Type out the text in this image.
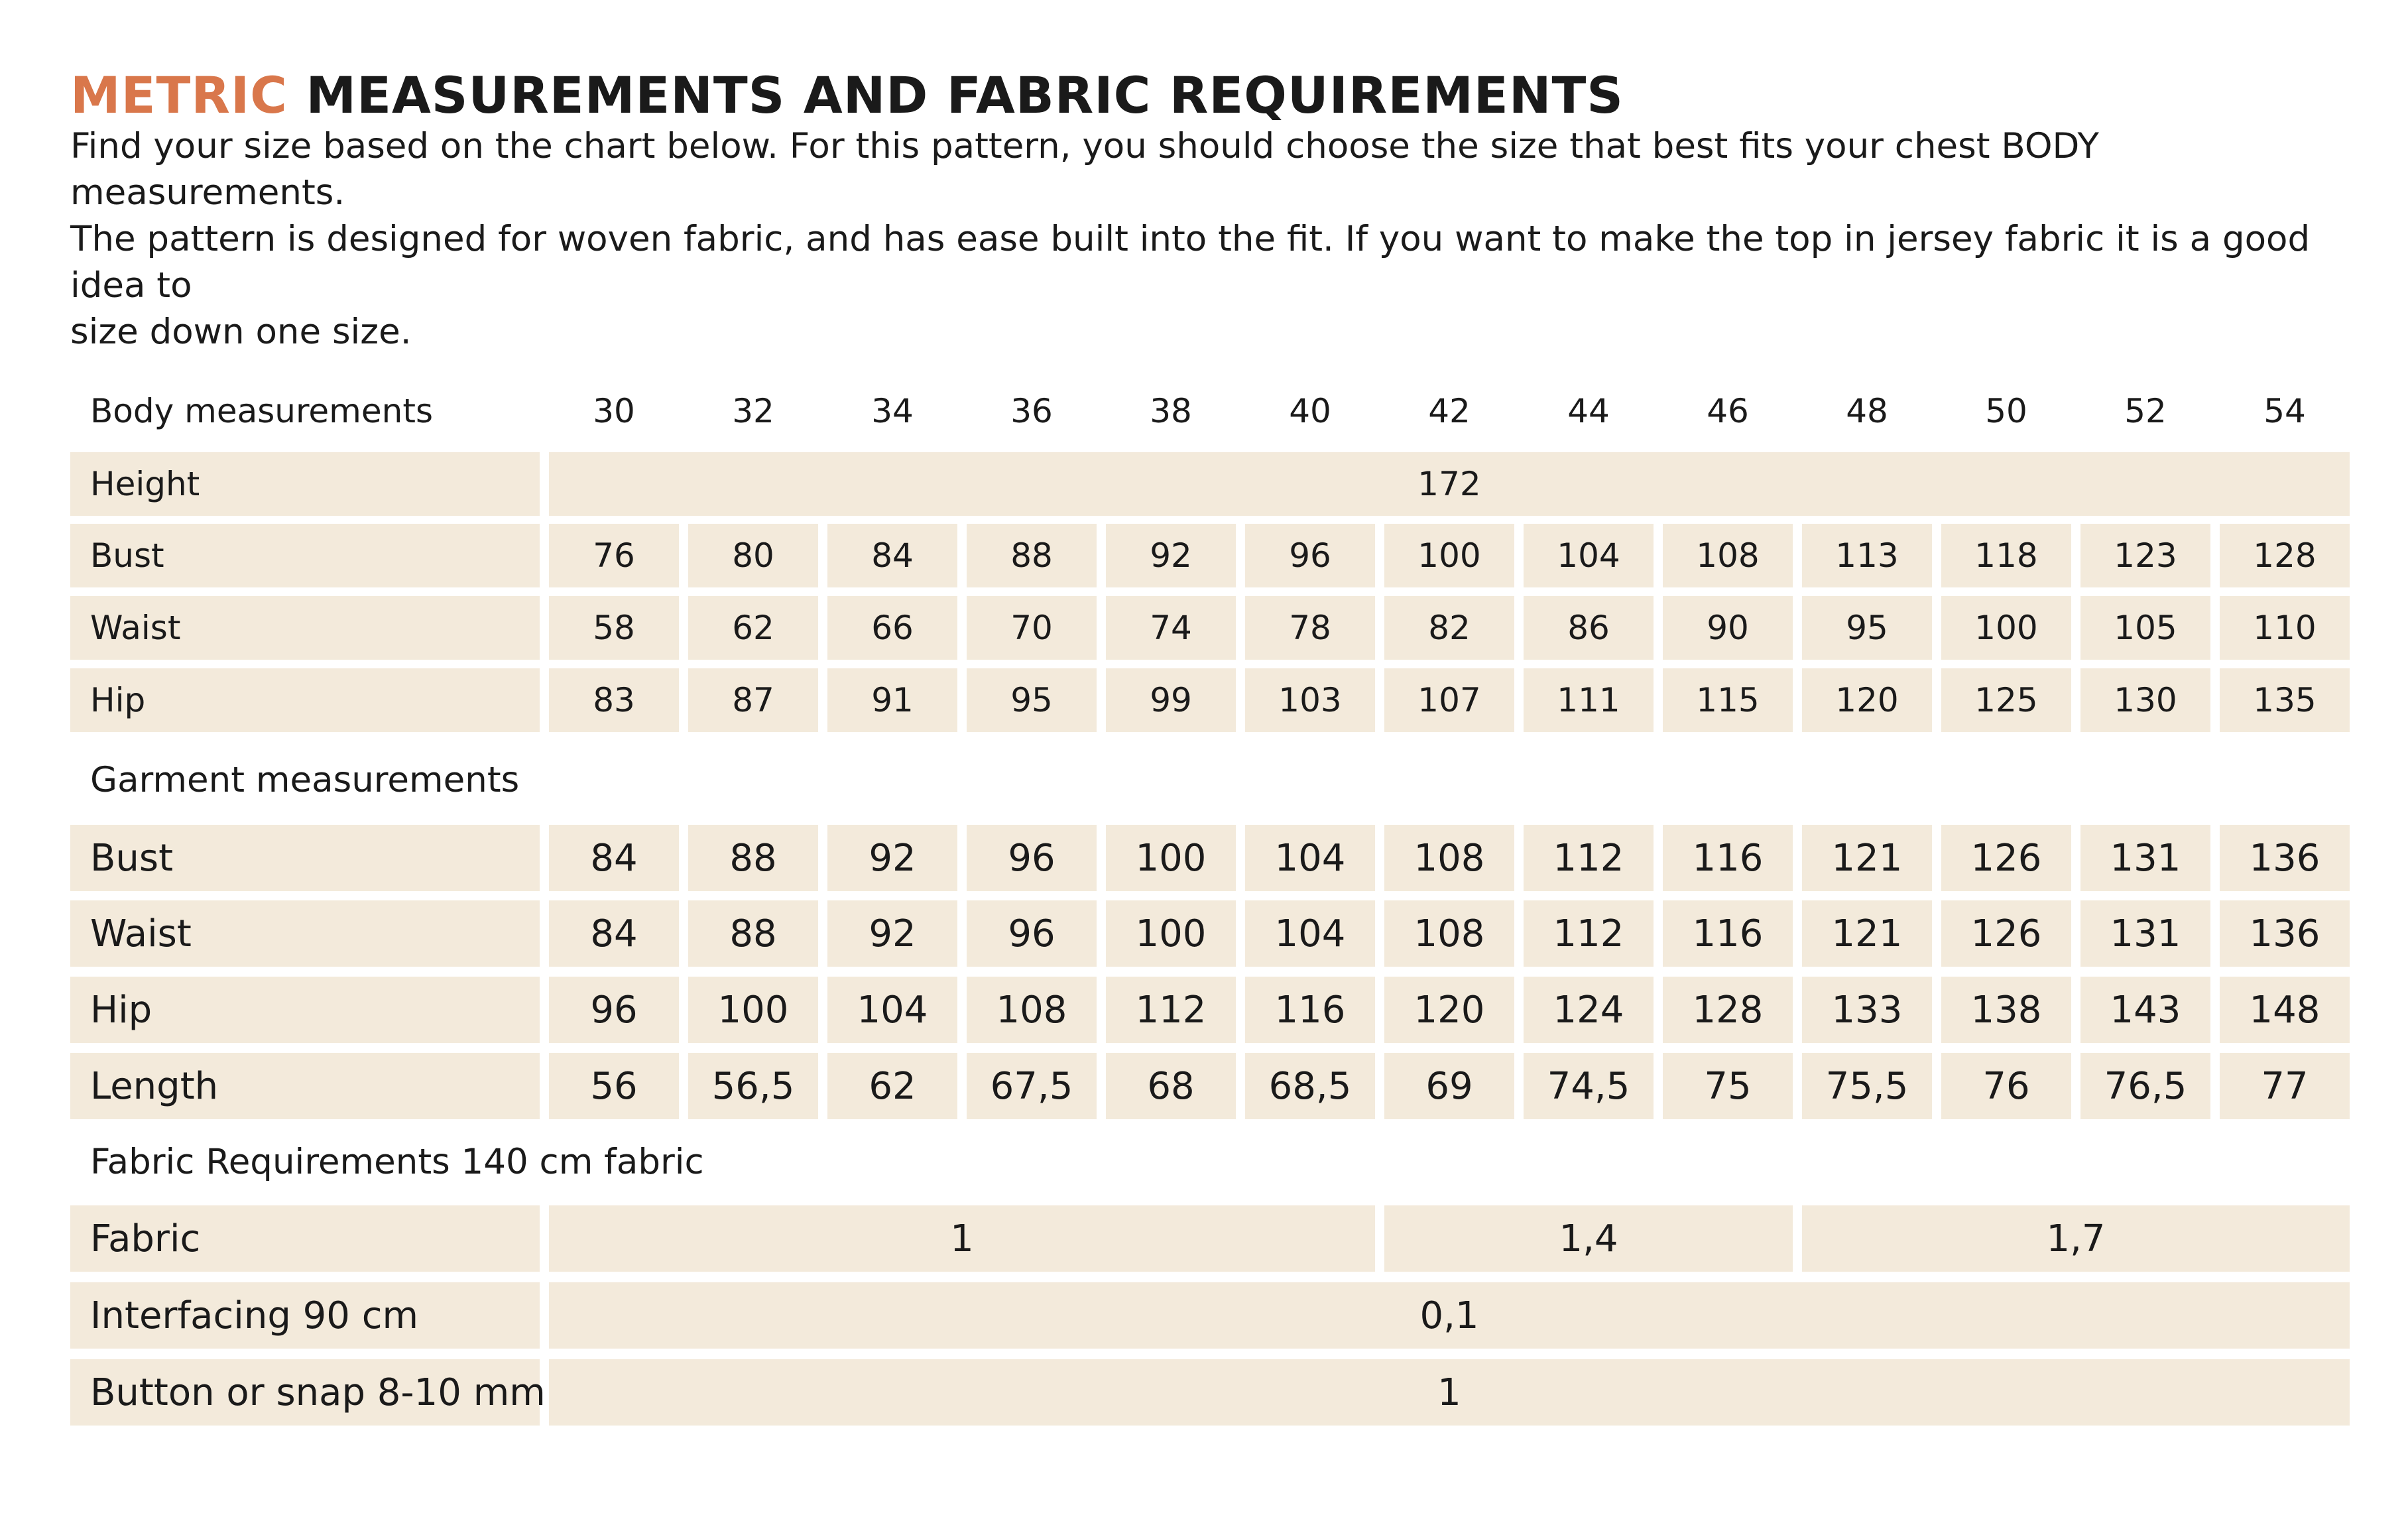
METRIC MEASUREMENTS AND FABRIC REQUIREMENTS

Find your size based on the chart below. For this pattern, you should choose the size that best fits your chest BODY measurements.

The pattern is designed for woven fabric, and has ease built into the fit. If you want to make the top in jersey fabric it is a good idea to

size down one size.

Body measurements	30	32	34	36	38	40	42	44	46	48	50	52	54
Height	172
Bust	76	80	84	88	92	96	100	104	108	113	118	123	128
Waist	58	62	66	70	74	78	82	86	90	95	100	105	110
Hip	83	87	91	95	99	103	107	111	115	120	125	130	135
Garment measurements
Bust	84	88	92	96	100	104	108	112	116	121	126	131	136
Waist	84	88	92	96	100	104	108	112	116	121	126	131	136
Hip	96	100	104	108	112	116	120	124	128	133	138	143	148
Length	56	56,5	62	67,5	68	68,5	69	74,5	75	75,5	76	76,5	77
Fabric Requirements 140 cm fabric
Fabric	1	1,4	1,7
Interfacing 90 cm	0,1
Button or snap 8-10 mm	1
